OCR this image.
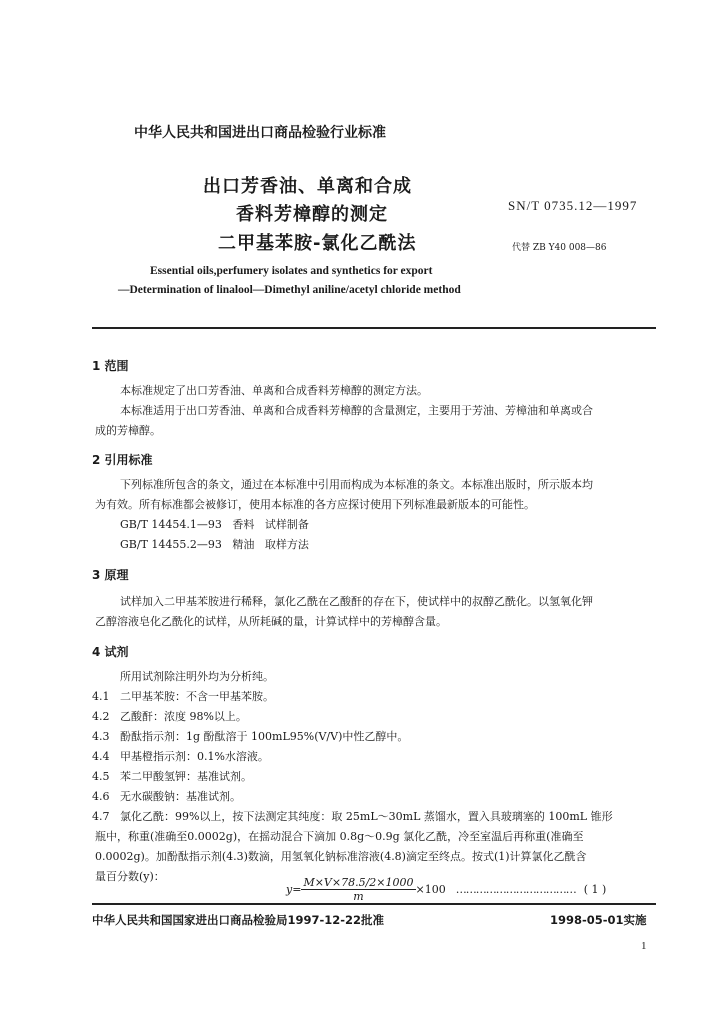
中华人民共和国进出口商品检验行业标准
出口芳香油、单离和合成
香料芳樟醇的测定
二甲基苯胺-氯化乙酰法
SN/T 0735.12—1997
代替 ZB Y40 008—86
Essential oils,perfumery isolates and synthetics for export
—Determination of linalool—Dimethyl aniline/acetyl chloride method
1 范围
本标准规定了出口芳香油、单离和合成香料芳樟醇的测定方法。
本标准适用于出口芳香油、单离和合成香料芳樟醇的含量测定，主要用于芳油、芳樟油和单离或合
成的芳樟醇。
2 引用标准
下列标准所包含的条文，通过在本标准中引用而构成为本标准的条文。本标准出版时，所示版本均
为有效。所有标准都会被修订，使用本标准的各方应探讨使用下列标准最新版本的可能性。
GB/T 14454.1—93   香料   试样制备
GB/T 14455.2—93   精油   取样方法
3 原理
试样加入二甲基苯胺进行稀释，氯化乙酰在乙酸酐的存在下，使试样中的叔醇乙酰化。以氢氧化钾
乙醇溶液皂化乙酰化的试样，从所耗碱的量，计算试样中的芳樟醇含量。
4 试剂
所用试剂除注明外均为分析纯。
4.1   二甲基苯胺：不含一甲基苯胺。
4.2   乙酸酐：浓度 98%以上。
4.3   酚酞指示剂：1g 酚酞溶于 100mL95%(V/V)中性乙醇中。
4.4   甲基橙指示剂：0.1%水溶液。
4.5   苯二甲酸氢钾：基准试剂。
4.6   无水碳酸钠：基准试剂。
4.7   氯化乙酰：99%以上，按下法测定其纯度：取 25mL～30mL 蒸馏水，置入具玻璃塞的 100mL 锥形
瓶中，称重(准确至0.0002g)，在摇动混合下滴加 0.8g～0.9g 氯化乙酰，冷至室温后再称重(准确至
0.0002g)。加酚酞指示剂(4.3)数滴，用氢氧化钠标准溶液(4.8)滴定至终点。按式(1)计算氯化乙酰含
量百分数(y)：
$y= \frac{M\times V\times 78.5/2\times 1000}{m} \times 100$ ……………………………… ( 1 )
中华人民共和国国家进出口商品检验局1997-12-22批准	1998-05-01实施
1
